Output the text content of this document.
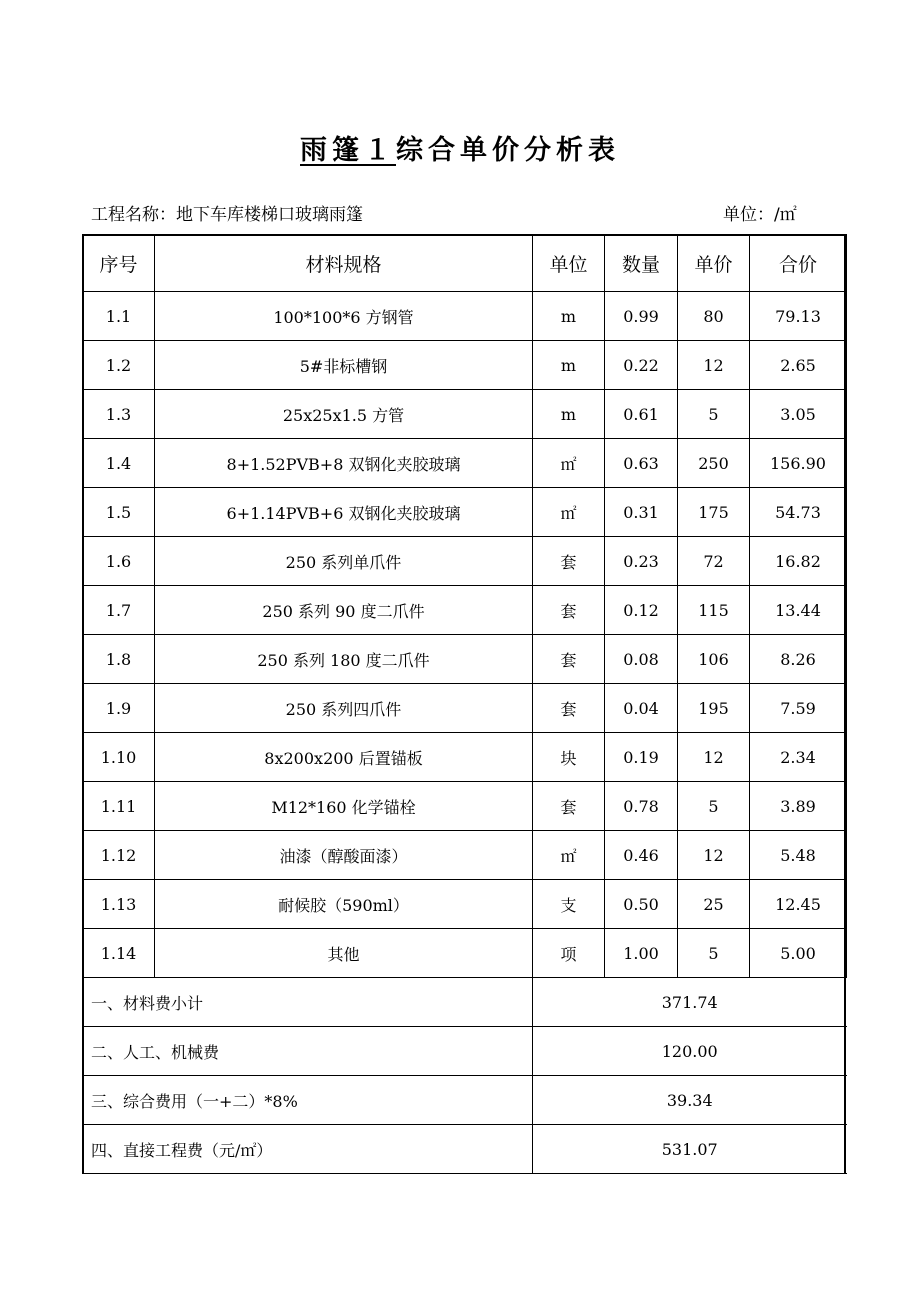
雨篷１综合单价分析表
工程名称：地下车库楼梯口玻璃雨篷	单位：/㎡
序号	材料规格	单位	数量	单价	合价
1.1	100*100*6 方钢管	m	0.99	80	79.13
1.2	5#非标槽钢	m	0.22	12	2.65
1.3	25x25x1.5 方管	m	0.61	5	3.05
1.4	8+1.52PVB+8 双钢化夹胶玻璃	㎡	0.63	250	156.90
1.5	6+1.14PVB+6 双钢化夹胶玻璃	㎡	0.31	175	54.73
1.6	250 系列单爪件	套	0.23	72	16.82
1.7	250 系列 90 度二爪件	套	0.12	115	13.44
1.8	250 系列 180 度二爪件	套	0.08	106	8.26
1.9	250 系列四爪件	套	0.04	195	7.59
1.10	8x200x200 后置锚板	块	0.19	12	2.34
1.11	M12*160 化学锚栓	套	0.78	5	3.89
1.12	油漆（醇酸面漆）	㎡	0.46	12	5.48
1.13	耐候胶（590ml）	支	0.50	25	12.45
1.14	其他	项	1.00	5	5.00
一、材料费小计		371.74			
二、人工、机械费		120.00			
三、综合费用（一+二）*8%		39.34			
四、直接工程费（元/㎡）		531.07			
